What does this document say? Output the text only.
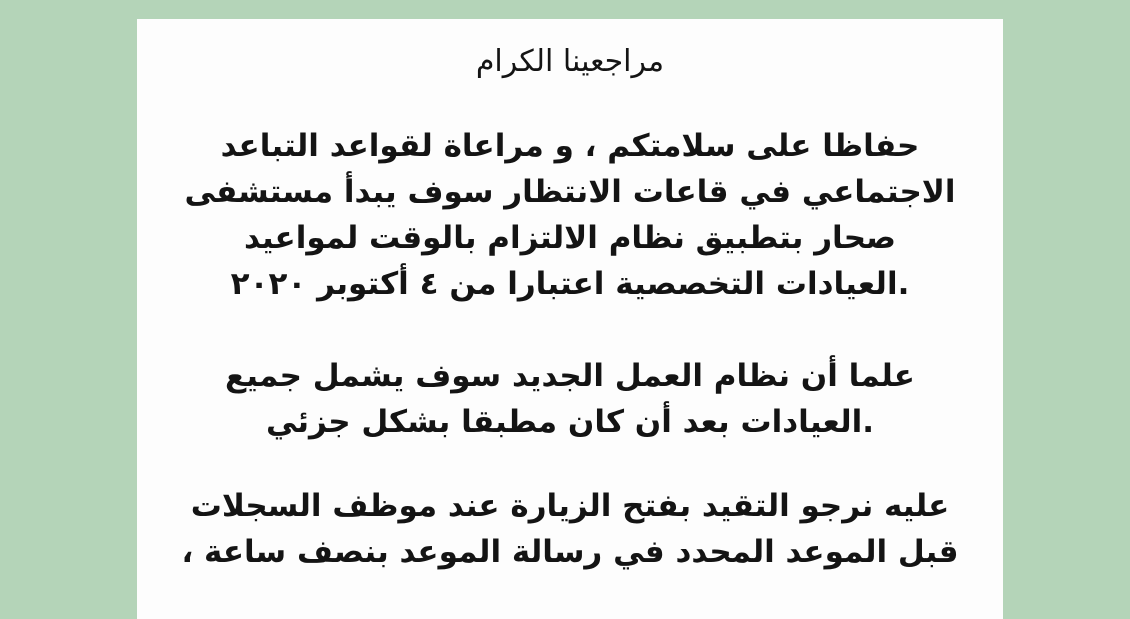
مراجعينا الكرام
حفاظا على سلامتكم ، و مراعاة لقواعد التباعد
الاجتماعي في قاعات الانتظار سوف يبدأ مستشفى
صحار بتطبيق نظام الالتزام بالوقت لمواعيد
.العيادات التخصصية اعتبارا من ٤ أكتوبر ٢٠٢٠
علما أن نظام العمل الجديد سوف يشمل جميع
.العيادات بعد أن كان مطبقا بشكل جزئي
عليه نرجو التقيد بفتح الزيارة عند موظف السجلات
قبل الموعد المحدد في رسالة الموعد بنصف ساعة ،
